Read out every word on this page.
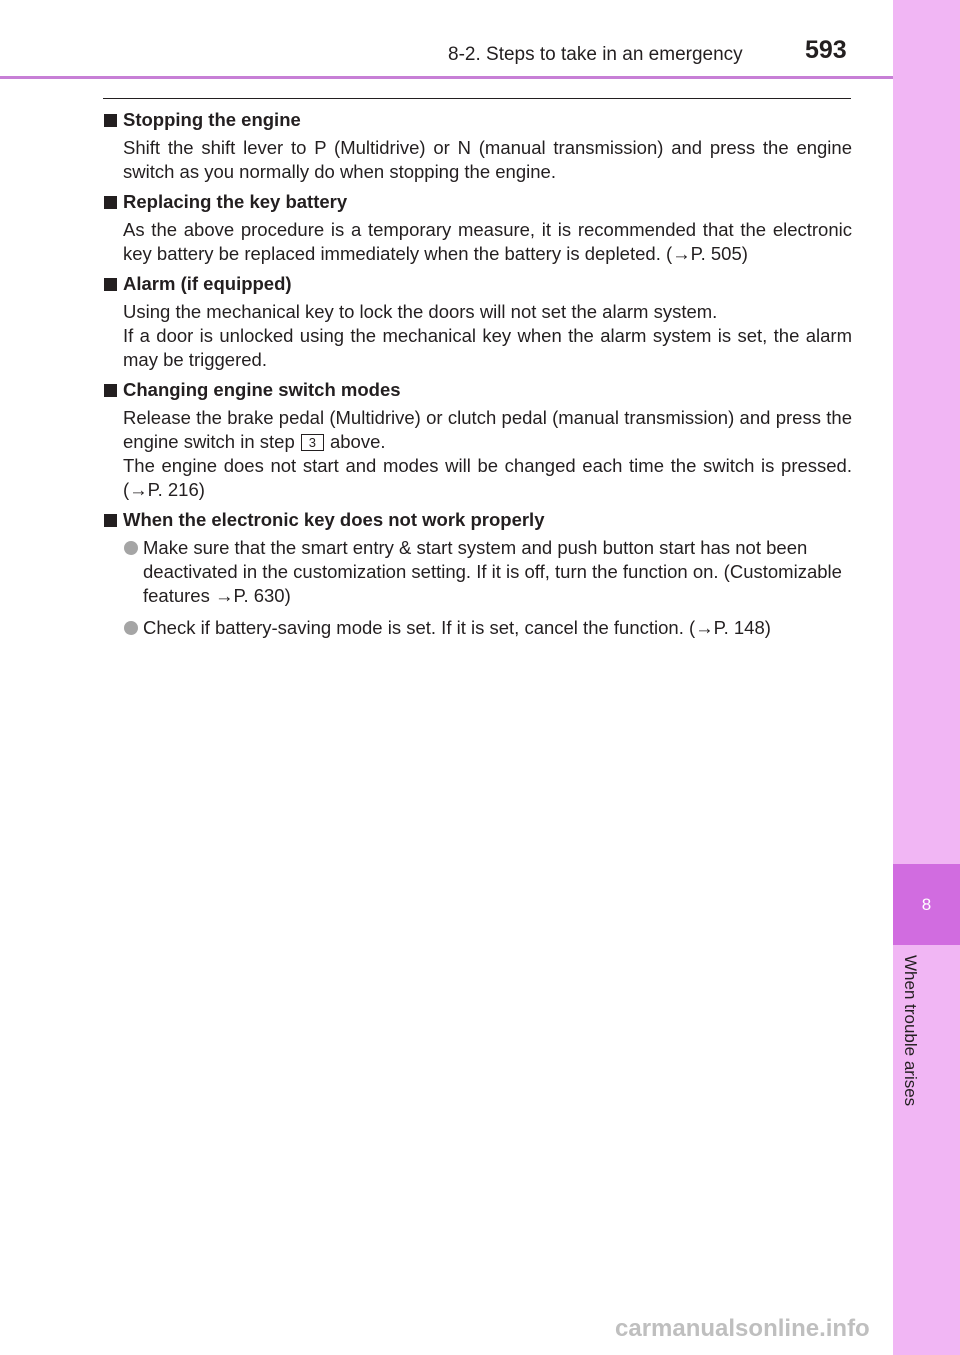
8
When trouble arises
8-2. Steps to take in an emergency 593
Stopping the engine
Shift the shift lever to P (Multidrive) or N (manual transmission) and press the engine switch as you normally do when stopping the engine.
Replacing the key battery
As the above procedure is a temporary measure, it is recommended that the electronic key battery be replaced immediately when the battery is depleted. (→P. 505)
Alarm (if equipped)
Using the mechanical key to lock the doors will not set the alarm system.
If a door is unlocked using the mechanical key when the alarm system is set, the alarm may be triggered.
Changing engine switch modes
Release the brake pedal (Multidrive) or clutch pedal (manual transmission) and press the engine switch in step 3 above.
The engine does not start and modes will be changed each time the switch is pressed. (→P. 216)
When the electronic key does not work properly
Make sure that the smart entry & start system and push button start has not been deactivated in the customization setting. If it is off, turn the function on. (Customizable features →P. 630)
Check if battery-saving mode is set. If it is set, cancel the function. (→P. 148)
carmanualsonline.info
